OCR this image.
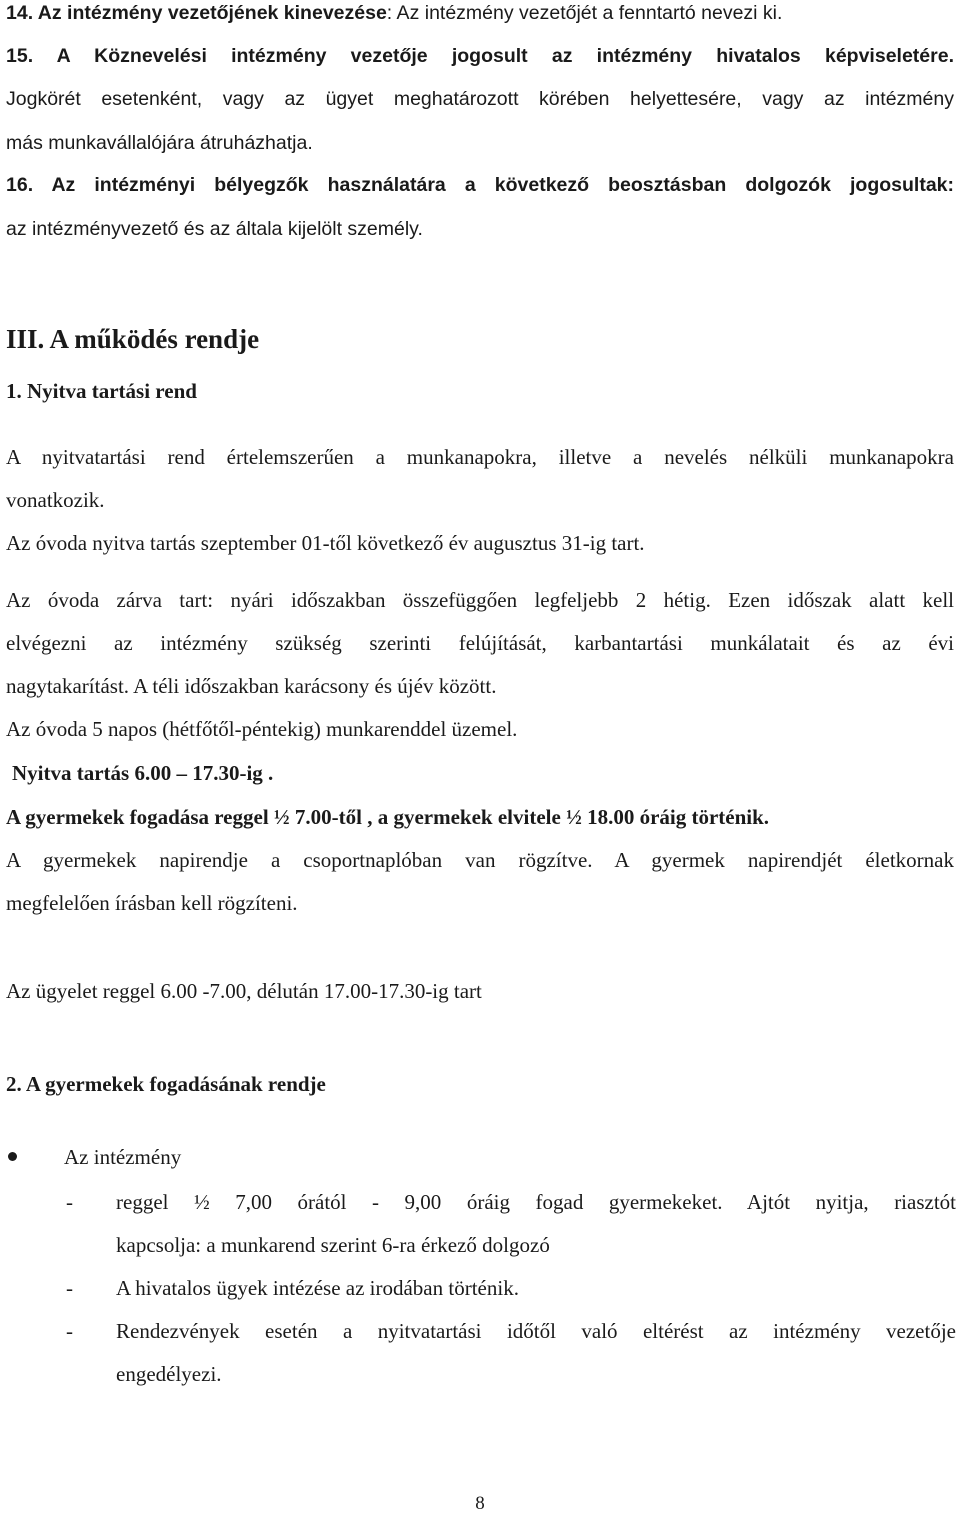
14. Az intézmény vezetőjének kinevezése: Az intézmény vezetőjét a fenntartó nevezi ki.
15. A Köznevelési intézmény vezetője jogosult az intézmény hivatalos képviseletére.
Jogkörét esetenként, vagy az ügyet meghatározott körében helyettesére, vagy az intézmény
más munkavállalójára átruházhatja.
16. Az intézményi bélyegzők használatára a következő beosztásban dolgozók jogosultak:
az intézményvezető és az általa kijelölt személy.
III. A működés rendje
1. Nyitva tartási rend
A nyitvatartási rend értelemszerűen a munkanapokra, illetve a nevelés nélküli munkanapokra
vonatkozik.
Az óvoda nyitva tartás szeptember 01-től következő év augusztus 31-ig tart.
Az óvoda zárva tart: nyári időszakban összefüggően legfeljebb 2 hétig. Ezen időszak alatt kell
elvégezni az intézmény szükség szerinti felújítását, karbantartási munkálatait és az évi
nagytakarítást. A téli időszakban karácsony és újév között.
Az óvoda 5 napos (hétfőtől-péntekig) munkarenddel üzemel.
Nyitva tartás 6.00 – 17.30-ig .
A gyermekek fogadása reggel ½ 7.00-től , a gyermekek elvitele ½ 18.00 óráig történik.
A gyermekek napirendje a csoportnaplóban van rögzítve. A gyermek napirendjét életkornak
megfelelően írásban kell rögzíteni.
Az ügyelet reggel 6.00 -7.00, délután 17.00-17.30-ig tart
2. A gyermekek fogadásának rendje
Az intézmény
- reggel ½ 7,00 órától - 9,00 óráig fogad gyermekeket. Ajtót nyitja, riasztót
kapcsolja: a munkarend szerint 6-ra érkező dolgozó
- A hivatalos ügyek intézése az irodában történik.
- Rendezvények esetén a nyitvatartási időtől való eltérést az intézmény vezetője
engedélyezi.
8
